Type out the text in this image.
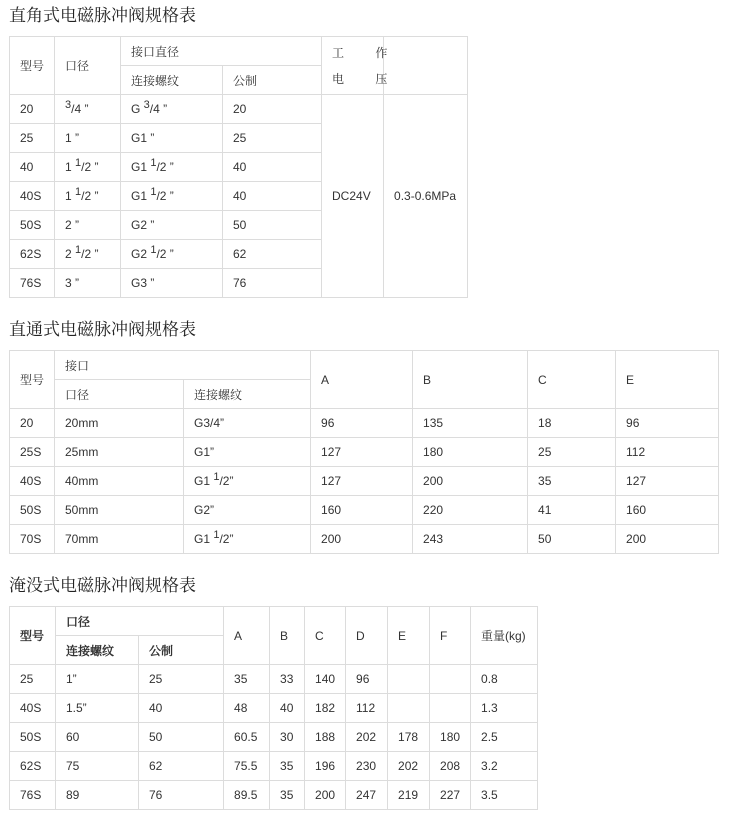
直角式电磁脉冲阀规格表
型号	口径	接口直径		工 作
电 压	

		连接螺纹	公制		
20	$^3$/4 ”	G $^3$/4 ”	20	DC24V	0.3-0.6MPa
25	1 ”	G1 ”	25		
40	1 $^1$/2 ”	G1 $^1$/2 ”	40		
40S	1 $^1$/2 ”	G1 $^1$/2 ”	40		
50S	2 ”	G2 ”	50		
62S	2 $^1$/2 ”	G2 $^1$/2 ”	62		
76S	3 ”	G3 ”	76		
直通式电磁脉冲阀规格表
型号	接口		A	B	C	E
	口径	连接螺纹				
20	20mm	G3/4”	96	135	18	96
25S	25mm	G1”	127	180	25	112
40S	40mm	G1 $^1$/2”	127	200	35	127
50S	50mm	G2”	160	220	41	160
70S	70mm	G1 $^1$/2”	200	243	50	200
淹没式电磁脉冲阀规格表
型号	口径		A	B	C	D	E	F	重量(kg)
	连接螺纹	公制							
25	1”	25	35	33	140	96			0.8
40S	1.5”	40	48	40	182	112			1.3
50S	60	50	60.5	30	188	202	178	180	2.5
62S	75	62	75.5	35	196	230	202	208	3.2
76S	89	76	89.5	35	200	247	219	227	3.5
